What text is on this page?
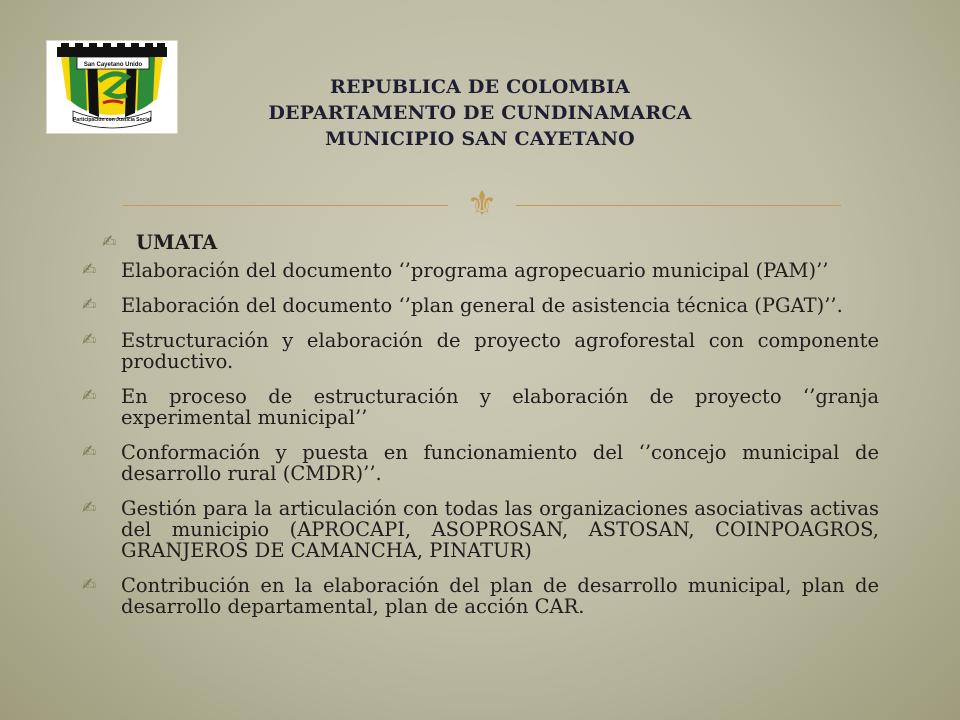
San Cayetano Unido
Participación con Justicia Social
REPUBLICA DE COLOMBIA
DEPARTAMENTO DE CUNDINAMARCA
MUNICIPIO SAN CAYETANO
⚜
✍ UMATA
✍ Elaboración del documento ‘’programa agropecuario municipal (PAM)’’
✍ Elaboración del documento ‘’plan general de asistencia técnica (PGAT)’’.
✍ Estructuración y elaboración de proyecto agroforestal con componente productivo.
✍ En proceso de estructuración y elaboración de proyecto ‘’granja experimental municipal’’
✍ Conformación y puesta en funcionamiento del ‘’concejo municipal de desarrollo rural (CMDR)’’.
✍ Gestión para la articulación con todas las organizaciones asociativas activas del municipio (APROCAPI, ASOPROSAN, ASTOSAN, COINPOAGROS, GRANJEROS DE CAMANCHA, PINATUR)
✍ Contribución en la elaboración del plan de desarrollo municipal, plan de desarrollo departamental, plan de acción CAR.
